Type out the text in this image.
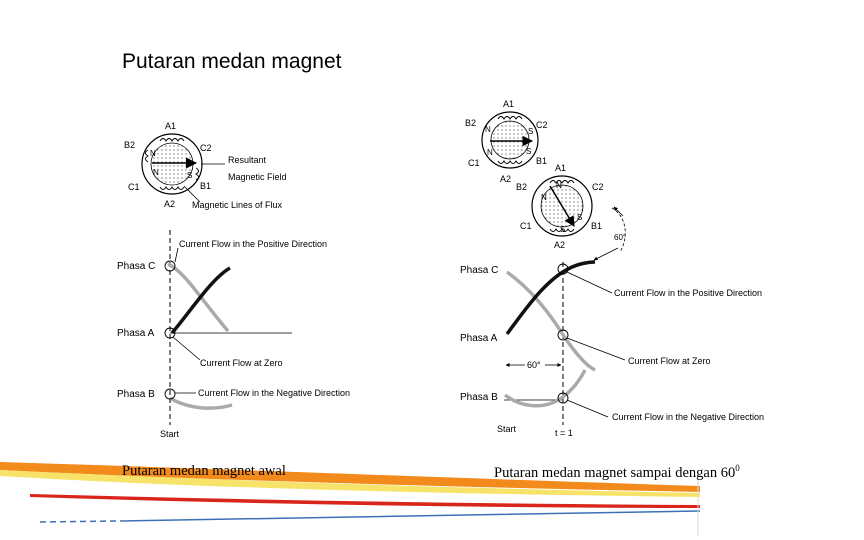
Putaran medan magnet
N
N	S
A1
A2
B2	C2
C1	B1
Resultant
Magnetic Field
Magnetic Lines of Flux
Phasa C
Phasa A
Phasa B
Current Flow in the Positive Direction
Current Flow at Zero
Current Flow in the Negative Direction
Start
N
N
S
S
A1
A2
B2	C2
C1	B1
N
N
S
S
A1
A2
B2	C2
C1	B1
60°
Phasa C
Phasa A
Phasa B
60°
Current Flow in the Positive Direction
Current Flow at Zero
Current Flow in the Negative Direction
Start	t = 1
Putaran medan magnet awal	Putaran medan magnet sampai dengan $60^0$
